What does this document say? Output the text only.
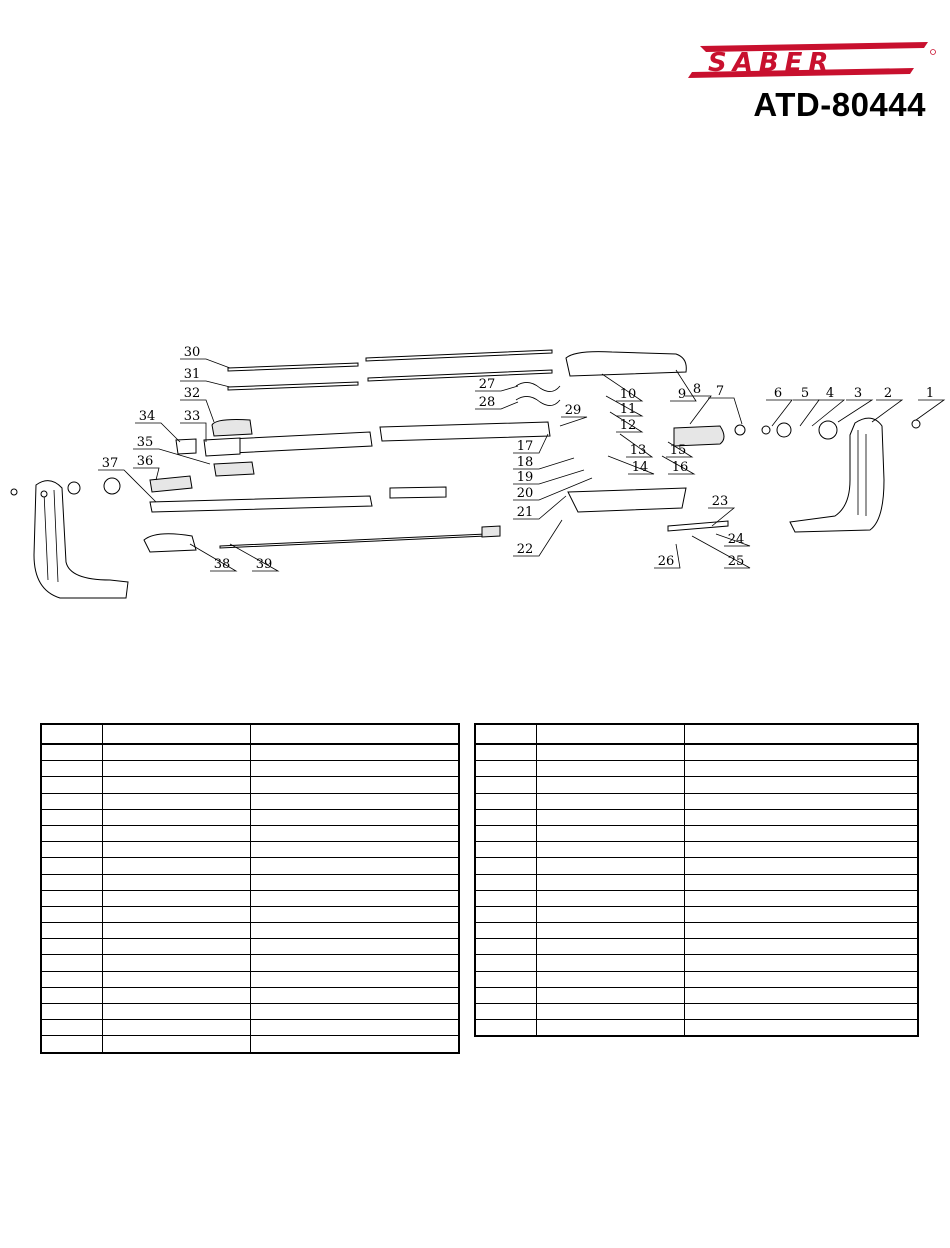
SABER
ATD-80444
1
2
3
4
5
6
7
8
9
10
11
12
13
14
15
16
17
18
19
20
21
22
23
24
25
26
27
28
29
30
31
32
33
34
35
36
37
38 39
